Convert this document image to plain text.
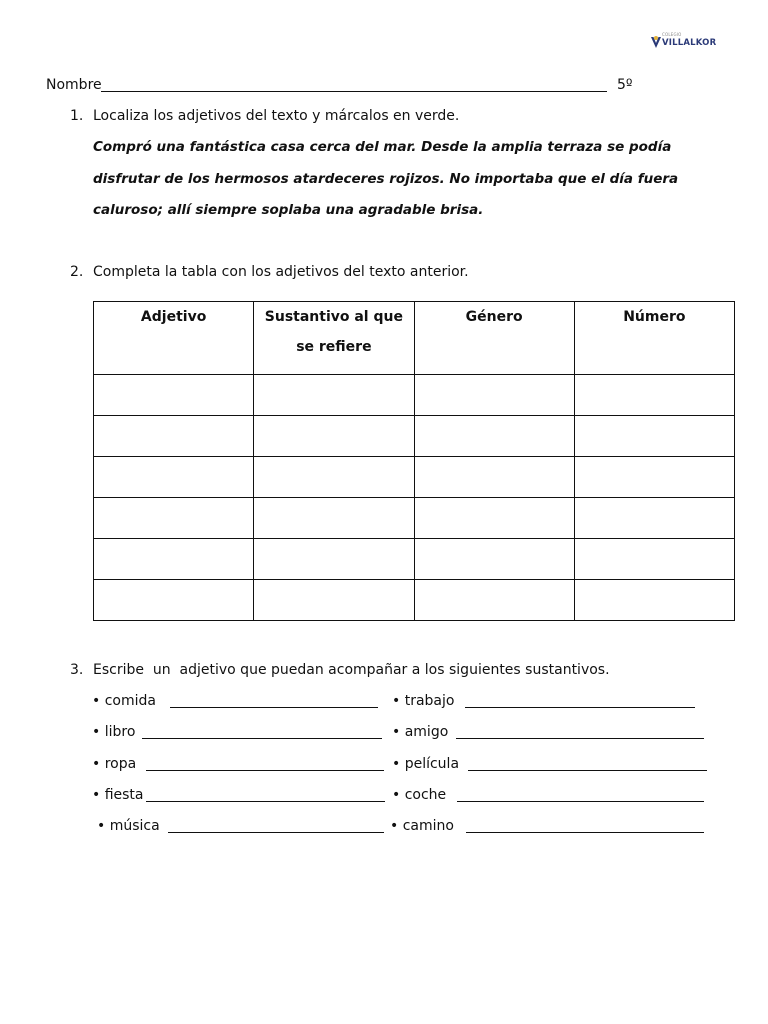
COLEGIO
VILLALKOR
Nombre	5º
1. Localiza los adjetivos del texto y márcalos en verde.
Compró una fantástica casa cerca del mar. Desde la amplia terraza se podía
disfrutar de los hermosos atardeceres rojizos. No importaba que el día fuera
caluroso; allí siempre soplaba una agradable brisa.
2. Completa la tabla con los adjetivos del texto anterior.
Adjetivo	Sustantivo al que se refiere	Género	Número

3. Escribe  un  adjetivo que puedan acompañar a los siguientes sustantivos.
• comida	• trabajo
• libro	• amigo
• ropa	• película
• fiesta	• coche
• música	• camino
